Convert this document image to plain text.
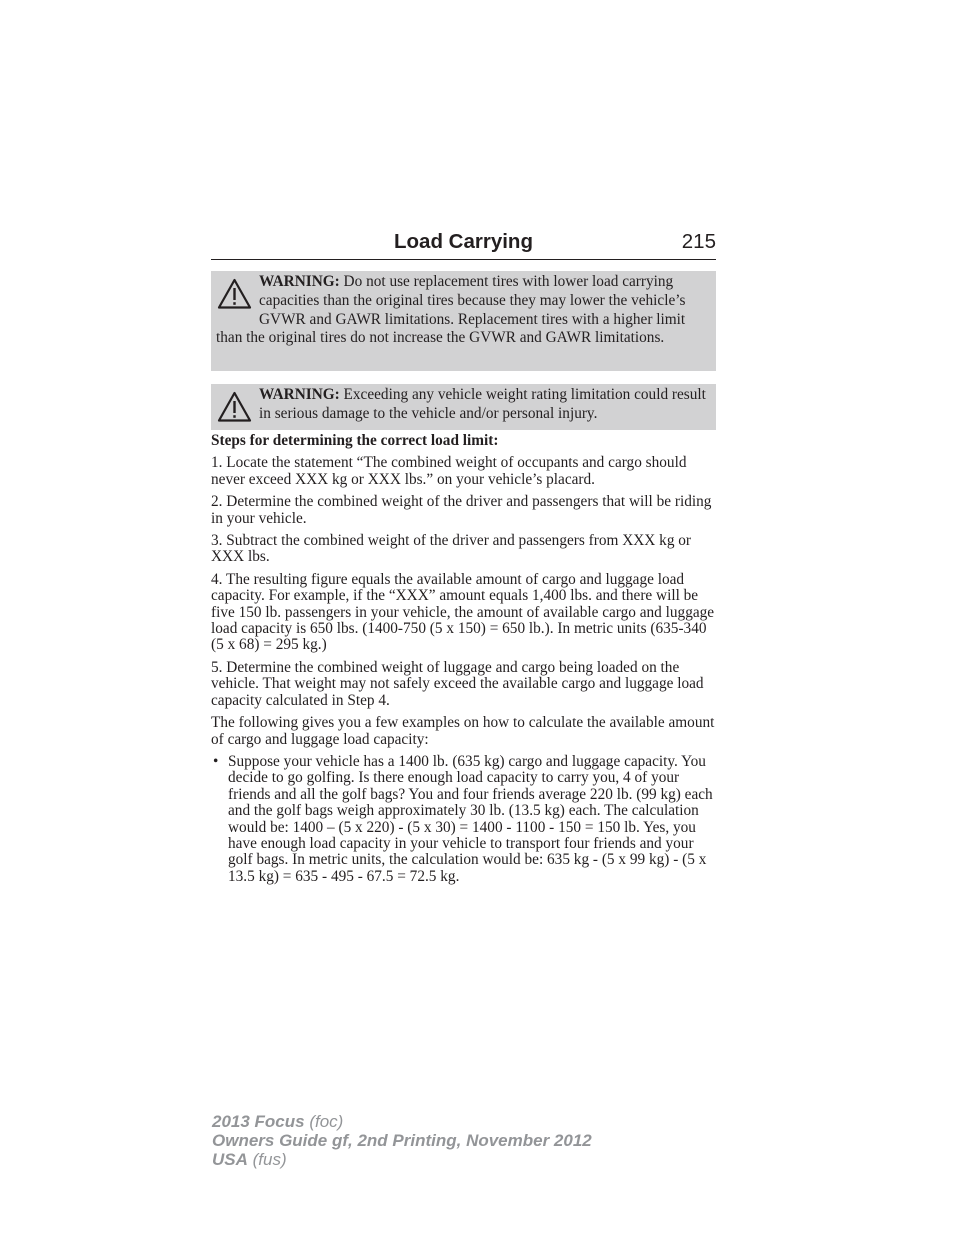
Load Carrying	215
WARNING: Do not use replacement tires with lower load carrying capacities than the original tires because they may lower the vehicle’s GVWR and GAWR limitations. Replacement tires with a higher limit than the original tires do not increase the GVWR and GAWR limitations.
WARNING: Exceeding any vehicle weight rating limitation could result in serious damage to the vehicle and/or personal injury.

Steps for determining the correct load limit:

1. Locate the statement “The combined weight of occupants and cargo should never exceed XXX kg or XXX lbs.” on your vehicle’s placard.

2. Determine the combined weight of the driver and passengers that will be riding in your vehicle.

3. Subtract the combined weight of the driver and passengers from XXX kg or XXX lbs.

4. The resulting figure equals the available amount of cargo and luggage load capacity. For example, if the “XXX” amount equals 1,400 lbs. and there will be five 150 lb. passengers in your vehicle, the amount of available cargo and luggage load capacity is 650 lbs. (1400-750 (5 x 150) = 650 lb.). In metric units (635-340 (5 x 68) = 295 kg.)

5. Determine the combined weight of luggage and cargo being loaded on the vehicle. That weight may not safely exceed the available cargo and luggage load capacity calculated in Step 4.

The following gives you a few examples on how to calculate the available amount of cargo and luggage load capacity:

• Suppose your vehicle has a 1400 lb. (635 kg) cargo and luggage capacity. You decide to go golfing. Is there enough load capacity to carry you, 4 of your friends and all the golf bags? You and four friends average 220 lb. (99 kg) each and the golf bags weigh approximately 30 lb. (13.5 kg) each. The calculation would be: 1400 – (5 x 220) - (5 x 30) = 1400 - 1100 - 150 = 150 lb. Yes, you have enough load capacity in your vehicle to transport four friends and your golf bags. In metric units, the calculation would be: 635 kg - (5 x 99 kg) - (5 x 13.5 kg) = 635 - 495 - 67.5 = 72.5 kg.
2013 Focus (foc)
Owners Guide gf, 2nd Printing, November 2012
USA (fus)
